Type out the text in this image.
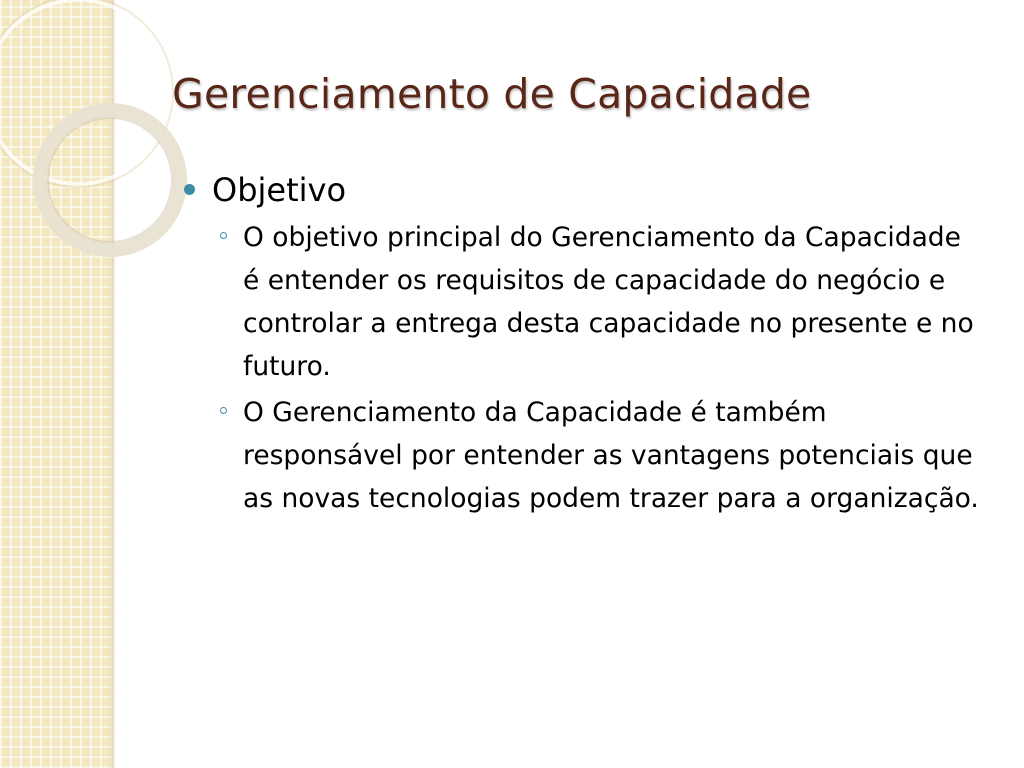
Gerenciamento de Capacidade
Objetivo
O objetivo principal do Gerenciamento da Capacidade é entender os requisitos de capacidade do negócio e controlar a entrega desta capacidade no presente e no futuro.
O Gerenciamento da Capacidade é também responsável por entender as vantagens potenciais que as novas tecnologias podem trazer para a organização.
